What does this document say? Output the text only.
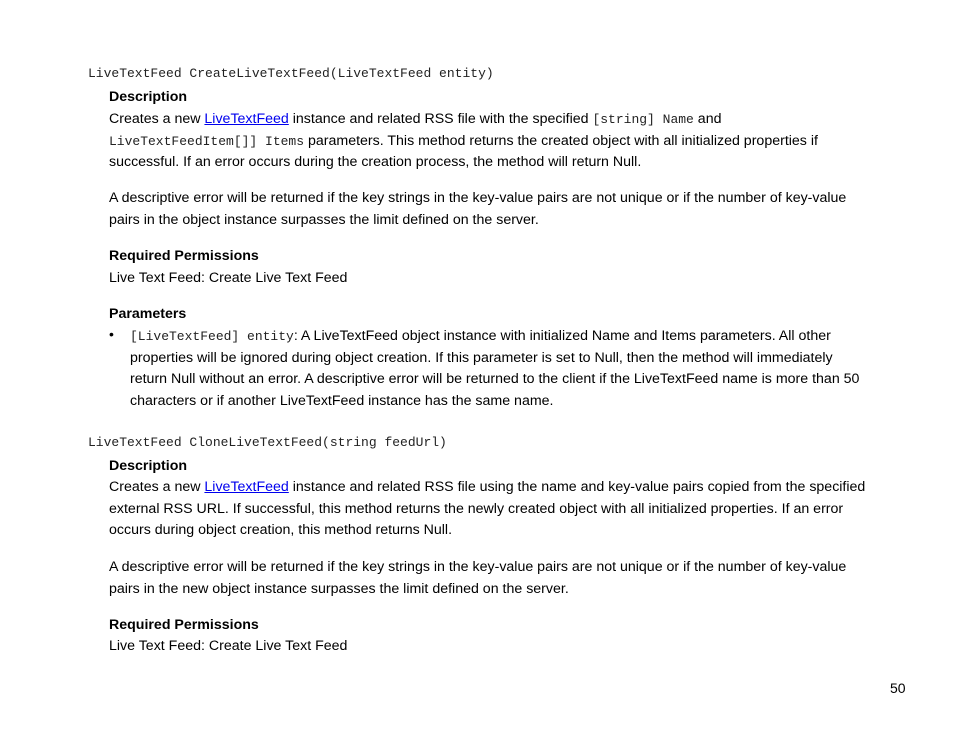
LiveTextFeed CreateLiveTextFeed(LiveTextFeed entity)
Description
Creates a new LiveTextFeed instance and related RSS file with the specified [string] Name and
LiveTextFeedItem[]] Items parameters. This method returns the created object with all initialized properties if successful. If an error occurs during the creation process, the method will return Null.
A descriptive error will be returned if the key strings in the key-value pairs are not unique or if the number of key-value pairs in the object instance surpasses the limit defined on the server.
Required Permissions
Live Text Feed: Create Live Text Feed
Parameters
• [LiveTextFeed] entity: A LiveTextFeed object instance with initialized Name and Items parameters. All other properties will be ignored during object creation. If this parameter is set to Null, then the method will immediately return Null without an error. A descriptive error will be returned to the client if the LiveTextFeed name is more than 50 characters or if another LiveTextFeed instance has the same name.
LiveTextFeed CloneLiveTextFeed(string feedUrl)
Description
Creates a new LiveTextFeed instance and related RSS file using the name and key-value pairs copied from the specified external RSS URL. If successful, this method returns the newly created object with all initialized properties. If an error occurs during object creation, this method returns Null.
A descriptive error will be returned if the key strings in the key-value pairs are not unique or if the number of key-value pairs in the new object instance surpasses the limit defined on the server.
Required Permissions
Live Text Feed: Create Live Text Feed
50
